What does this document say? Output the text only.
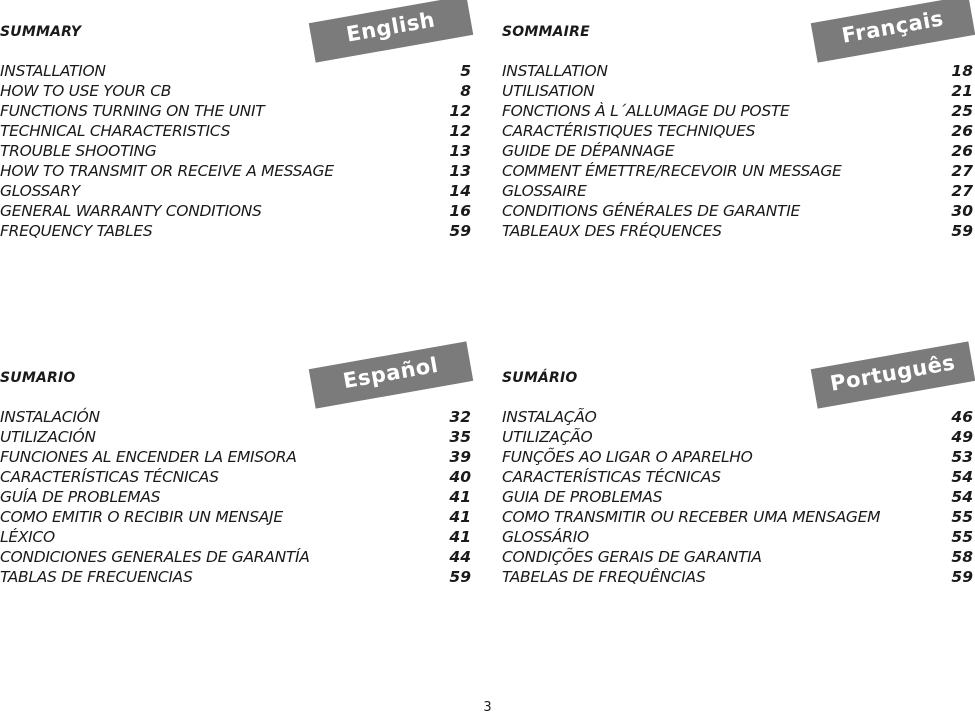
SUMMARY	English
INSTALLATION	5
HOW TO USE YOUR CB	8
FUNCTIONS TURNING ON THE UNIT	12
TECHNICAL CHARACTERISTICS	12
TROUBLE SHOOTING	13
HOW TO TRANSMIT OR RECEIVE A MESSAGE	13
GLOSSARY	14
GENERAL WARRANTY CONDITIONS	16
FREQUENCY TABLES	59
SOMMAIRE	Français
INSTALLATION	18
UTILISATION	21
FONCTIONS À L´ALLUMAGE DU POSTE	25
CARACTÉRISTIQUES TECHNIQUES	26
GUIDE DE DÉPANNAGE	26
COMMENT ÉMETTRE/RECEVOIR UN MESSAGE	27
GLOSSAIRE	27
CONDITIONS GÉNÉRALES DE GARANTIE	30
TABLEAUX DES FRÉQUENCES	59
SUMARIO	Español
INSTALACIÓN	32
UTILIZACIÓN	35
FUNCIONES AL ENCENDER LA EMISORA	39
CARACTERÍSTICAS TÉCNICAS	40
GUÍA DE PROBLEMAS	41
COMO EMITIR O RECIBIR UN MENSAJE	41
LÉXICO	41
CONDICIONES GENERALES DE GARANTÍA	44
TABLAS DE FRECUENCIAS	59
SUMÁRIO	Português
INSTALAÇÃO	46
UTILIZAÇÃO	49
FUNÇÕES AO LIGAR O APARELHO	53
CARACTERÍSTICAS TÉCNICAS	54
GUIA DE PROBLEMAS	54
COMO TRANSMITIR OU RECEBER UMA MENSAGEM	55
GLOSSÁRIO	55
CONDIÇÕES GERAIS DE GARANTIA	58
TABELAS DE FREQUÊNCIAS	59
3
